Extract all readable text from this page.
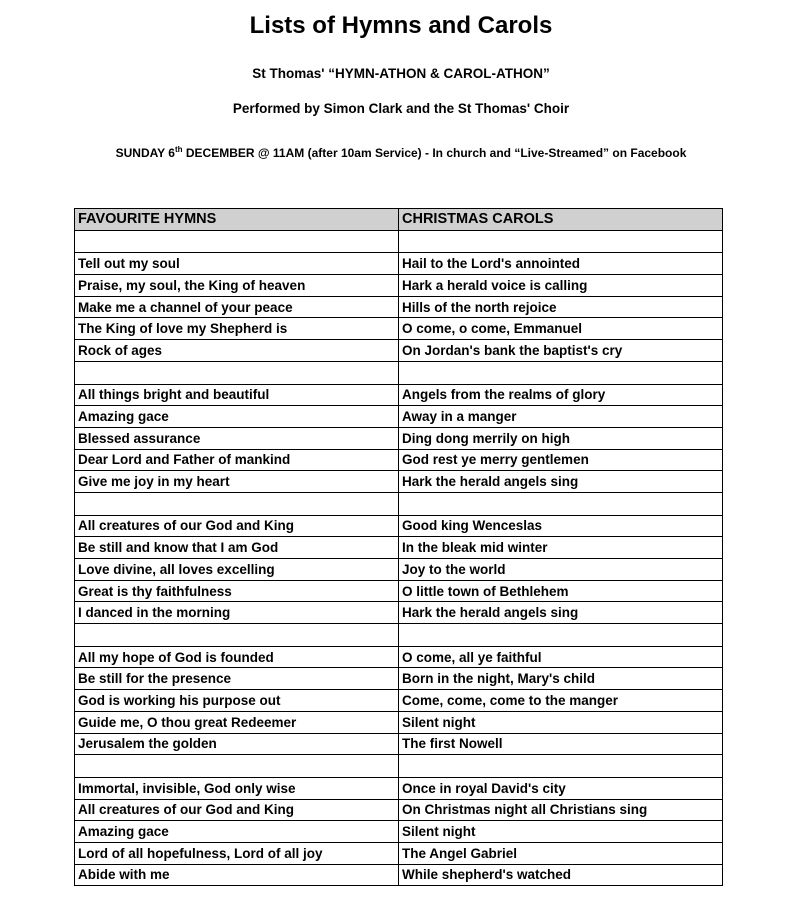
Lists of Hymns and Carols

St Thomas' “HYMN-ATHON & CAROL-ATHON”

Performed by Simon Clark and the St Thomas' Choir

SUNDAY 6th DECEMBER @ 11AM (after 10am Service) - In church and “Live-Streamed” on Facebook

FAVOURITE HYMNS	CHRISTMAS CAROLS

Tell out my soul	Hail to the Lord's annointed
Praise, my soul, the King of heaven	Hark a herald voice is calling
Make me a channel of your peace	Hills of the north rejoice
The King of love my Shepherd is	O come, o come, Emmanuel
Rock of ages	On Jordan's bank the baptist's cry

All things bright and beautiful	Angels from the realms of glory
Amazing gace	Away in a manger
Blessed assurance	Ding dong merrily on high
Dear Lord and Father of mankind	God rest ye merry gentlemen
Give me joy in my heart	Hark the herald angels sing

All creatures of our God and King	Good king Wenceslas
Be still and know that I am God	In the bleak mid winter
Love divine, all loves excelling	Joy to the world
Great is thy faithfulness	O little town of Bethlehem
I danced in the morning	Hark the herald angels sing

All my hope of God is founded	O come, all ye faithful
Be still for the presence	Born in the night, Mary's child
God is working his purpose out	Come, come, come to the manger
Guide me, O thou great Redeemer	Silent night
Jerusalem the golden	The first Nowell

Immortal, invisible, God only wise	Once in royal David's city
All creatures of our God and King	On Christmas night all Christians sing
Amazing gace	Silent night
Lord of all hopefulness, Lord of all joy	The Angel Gabriel
Abide with me	While shepherd's watched
